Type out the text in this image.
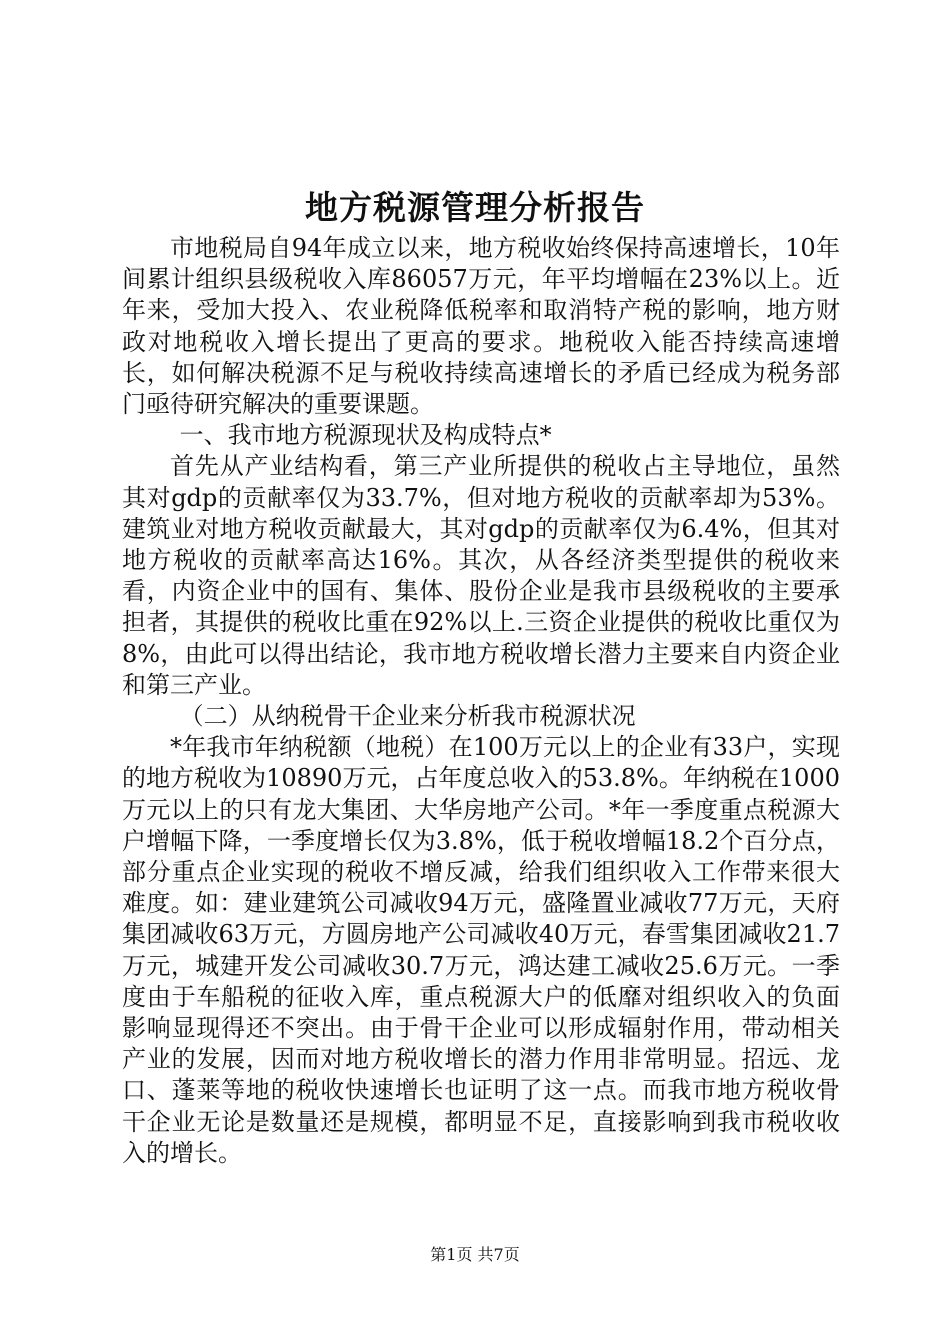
地方税源管理分析报告

市地税局自94年成立以来，地方税收始终保持高速增长，10年间累计组织县级税收入库86057万元，年平均增幅在23%以上。近年来，受加大投入、农业税降低税率和取消特产税的影响，地方财政对地税收入增长提出了更高的要求。地税收入能否持续高速增长，如何解决税源不足与税收持续高速增长的矛盾已经成为税务部门亟待研究解决的重要课题。

一、我市地方税源现状及构成特点*

首先从产业结构看，第三产业所提供的税收占主导地位，虽然其对gdp的贡献率仅为33.7%，但对地方税收的贡献率却为53%。建筑业对地方税收贡献最大，其对gdp的贡献率仅为6.4%，但其对地方税收的贡献率高达16%。其次，从各经济类型提供的税收来看，内资企业中的国有、集体、股份企业是我市县级税收的主要承担者，其提供的税收比重在92%以上.三资企业提供的税收比重仅为8%，由此可以得出结论，我市地方税收增长潜力主要来自内资企业和第三产业。

（二）从纳税骨干企业来分析我市税源状况

*年我市年纳税额（地税）在100万元以上的企业有33户，实现的地方税收为10890万元，占年度总收入的53.8%。年纳税在1000万元以上的只有龙大集团、大华房地产公司。*年一季度重点税源大户增幅下降，一季度增长仅为3.8%，低于税收增幅18.2个百分点，部分重点企业实现的税收不增反减，给我们组织收入工作带来很大难度。如：建业建筑公司减收94万元，盛隆置业减收77万元，天府集团减收63万元，方圆房地产公司减收40万元，春雪集团减收21.7万元，城建开发公司减收30.7万元，鸿达建工减收25.6万元。一季度由于车船税的征收入库，重点税源大户的低靡对组织收入的负面影响显现得还不突出。由于骨干企业可以形成辐射作用，带动相关产业的发展，因而对地方税收增长的潜力作用非常明显。招远、龙口、蓬莱等地的税收快速增长也证明了这一点。而我市地方税收骨干企业无论是数量还是规模，都明显不足，直接影响到我市税收收入的增长。

第1页 共7页
